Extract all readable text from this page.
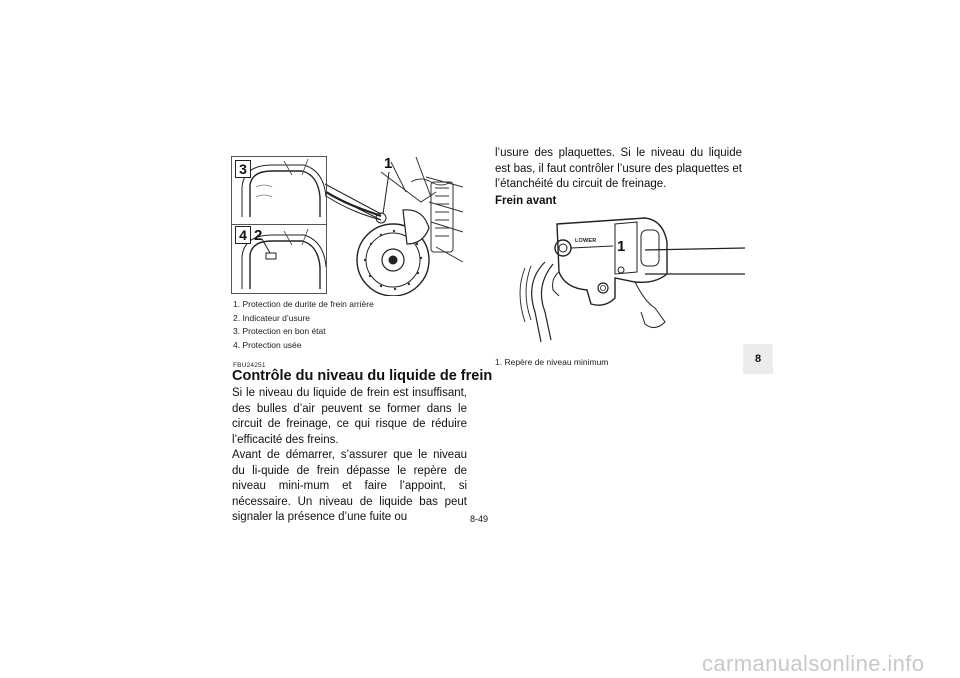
3
4 2
1
1. Protection de durite de frein arrière
2. Indicateur d’usure
3. Protection en bon état
4. Protection usée
FBU24251
Contrôle du niveau du liquide de frein

Si le niveau du liquide de frein est insuffisant, des bulles d’air peuvent se former dans le circuit de freinage, ce qui risque de réduire l’efficacité des freins.

Avant de démarrer, s’assurer que le niveau du li-quide de frein dépasse le repère de niveau mini-mum et faire l’appoint, si nécessaire. Un niveau de liquide bas peut signaler la présence d’une fuite ou

l’usure des plaquettes. Si le niveau du liquide est bas, il faut contrôler l’usure des plaquettes et l’étanchéité du circuit de freinage.

Frein avant
LOWER 1
1. Repère de niveau minimum	8
8-49
carmanualsonline.info
